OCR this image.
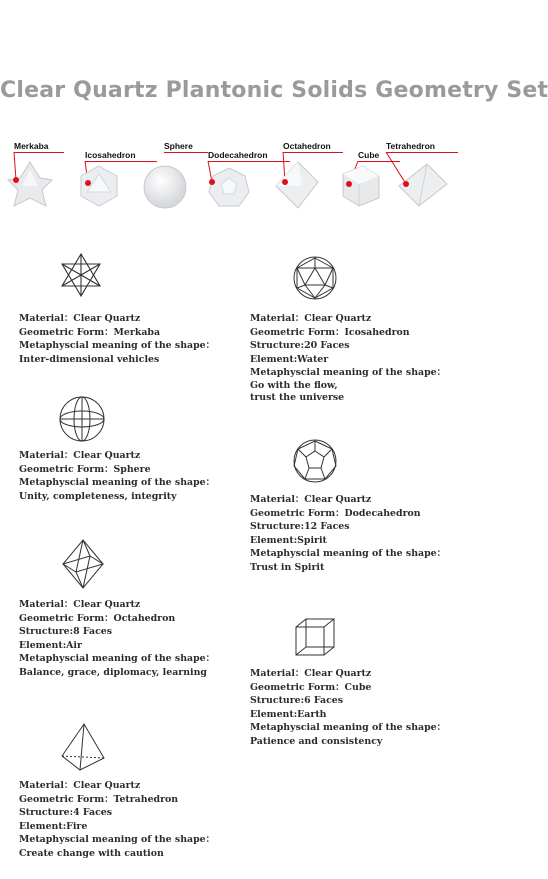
Clear Quartz Plantonic Solids Geometry Set
Merkaba
Icosahedron
Sphere
Dodecahedron
Octahedron
Cube
Tetrahedron
Material：Clear Quartz
Geometric Form：Merkaba
Metaphyscial meaning of the shape：
Inter-dimensional vehicles
Material：Clear Quartz
Geometric Form：Icosahedron
Structure:20 Faces
Element:Water
Metaphyscial meaning of the shape：
Go with the flow,
trust the universe
Material：Clear Quartz
Geometric Form：Sphere
Metaphyscial meaning of the shape：
Unity, completeness, integrity	Material：Clear Quartz
Geometric Form：Dodecahedron
Structure:12 Faces
Element:Spirit
Metaphyscial meaning of the shape：
Trust in Spirit
Material：Clear Quartz
Geometric Form：Octahedron
Structure:8 Faces
Element:Air
Metaphyscial meaning of the shape：
Balance, grace, diplomacy, learning	Material：Clear Quartz
Geometric Form：Cube
Structure:6 Faces
Element:Earth
Metaphyscial meaning of the shape：
Patience and consistency
Material：Clear Quartz
Geometric Form：Tetrahedron
Structure:4 Faces
Element:Fire
Metaphyscial meaning of the shape：
Create change with caution
